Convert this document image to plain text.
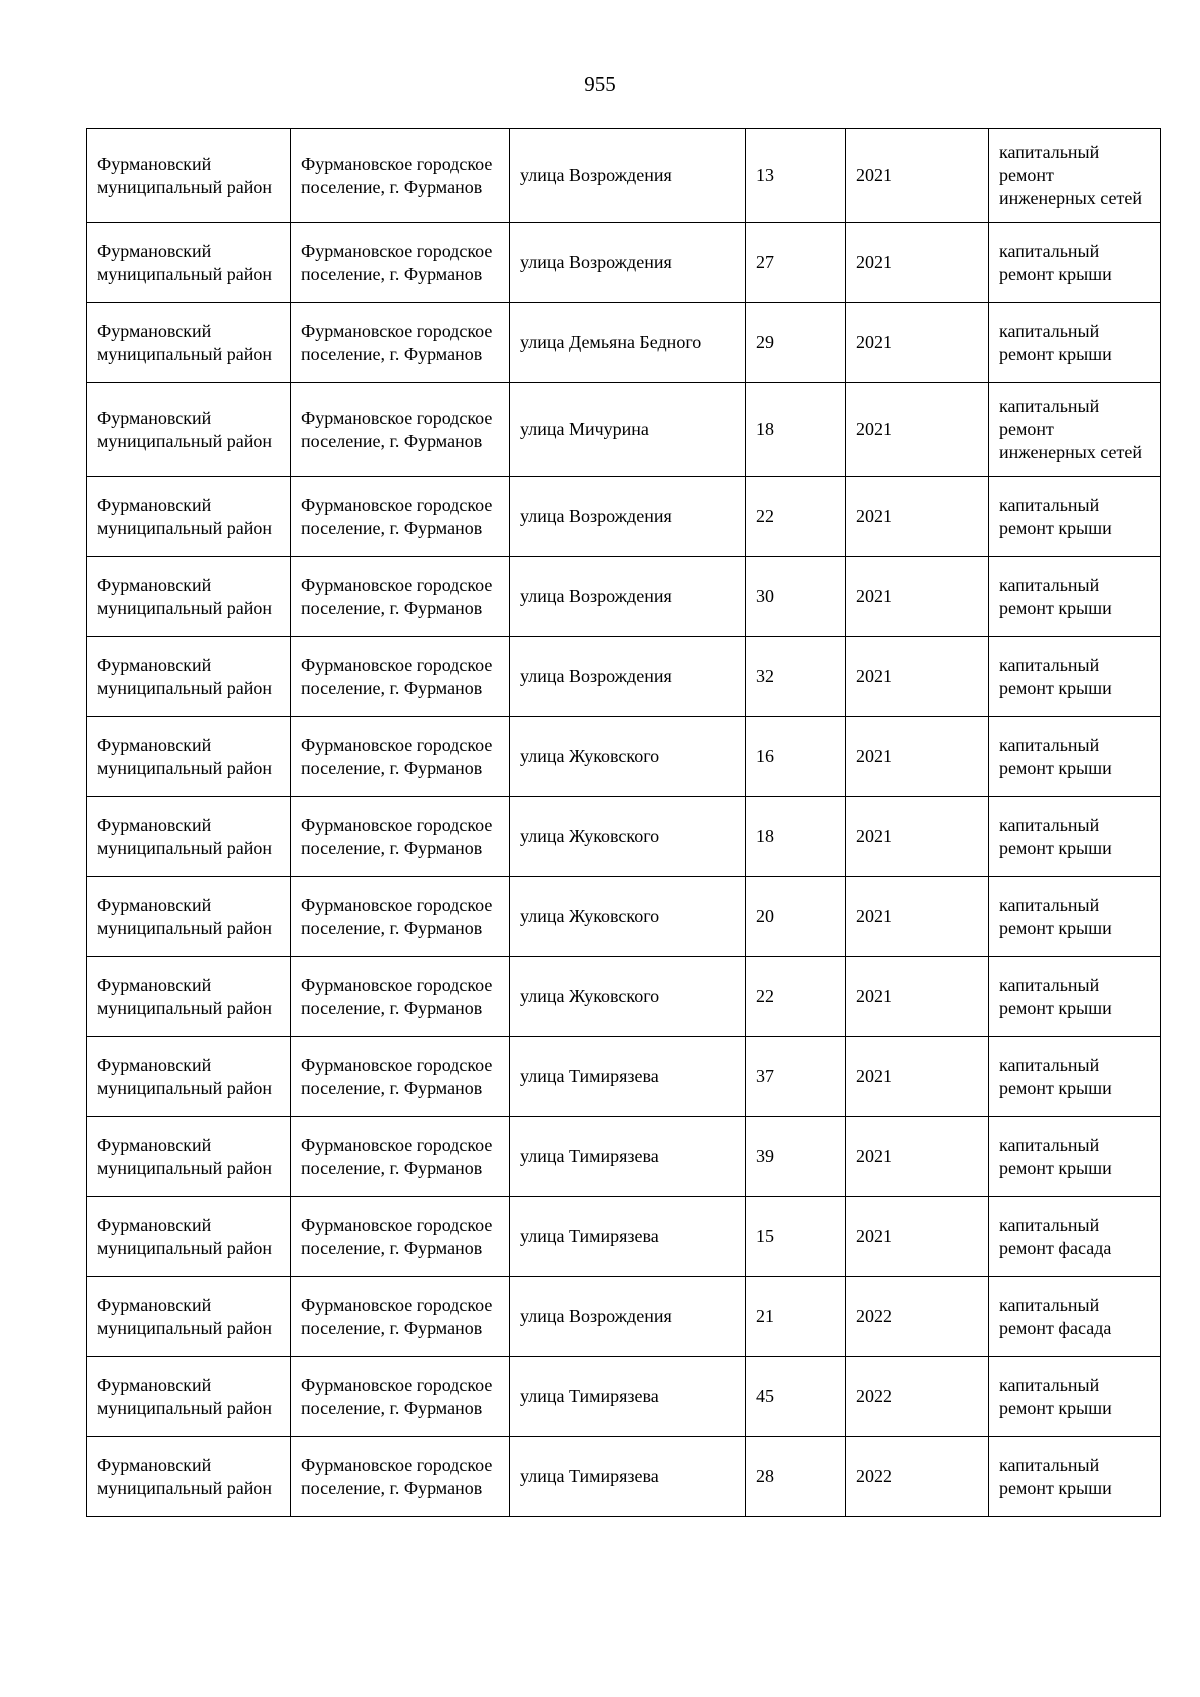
955
Фурмановский муниципальный район	Фурмановское городское поселение, г. Фурманов	улица Возрождения	13	2021	капитальный ремонт инженерных сетей
Фурмановский муниципальный район	Фурмановское городское поселение, г. Фурманов	улица Возрождения	27	2021	капитальный ремонт крыши
Фурмановский муниципальный район	Фурмановское городское поселение, г. Фурманов	улица Демьяна Бедного	29	2021	капитальный ремонт крыши
Фурмановский муниципальный район	Фурмановское городское поселение, г. Фурманов	улица Мичурина	18	2021	капитальный ремонт инженерных сетей
Фурмановский муниципальный район	Фурмановское городское поселение, г. Фурманов	улица Возрождения	22	2021	капитальный ремонт крыши
Фурмановский муниципальный район	Фурмановское городское поселение, г. Фурманов	улица Возрождения	30	2021	капитальный ремонт крыши
Фурмановский муниципальный район	Фурмановское городское поселение, г. Фурманов	улица Возрождения	32	2021	капитальный ремонт крыши
Фурмановский муниципальный район	Фурмановское городское поселение, г. Фурманов	улица Жуковского	16	2021	капитальный ремонт крыши
Фурмановский муниципальный район	Фурмановское городское поселение, г. Фурманов	улица Жуковского	18	2021	капитальный ремонт крыши
Фурмановский муниципальный район	Фурмановское городское поселение, г. Фурманов	улица Жуковского	20	2021	капитальный ремонт крыши
Фурмановский муниципальный район	Фурмановское городское поселение, г. Фурманов	улица Жуковского	22	2021	капитальный ремонт крыши
Фурмановский муниципальный район	Фурмановское городское поселение, г. Фурманов	улица Тимирязева	37	2021	капитальный ремонт крыши
Фурмановский муниципальный район	Фурмановское городское поселение, г. Фурманов	улица Тимирязева	39	2021	капитальный ремонт крыши
Фурмановский муниципальный район	Фурмановское городское поселение, г. Фурманов	улица Тимирязева	15	2021	капитальный ремонт фасада
Фурмановский муниципальный район	Фурмановское городское поселение, г. Фурманов	улица Возрождения	21	2022	капитальный ремонт фасада
Фурмановский муниципальный район	Фурмановское городское поселение, г. Фурманов	улица Тимирязева	45	2022	капитальный ремонт крыши
Фурмановский муниципальный район	Фурмановское городское поселение, г. Фурманов	улица Тимирязева	28	2022	капитальный ремонт крыши
